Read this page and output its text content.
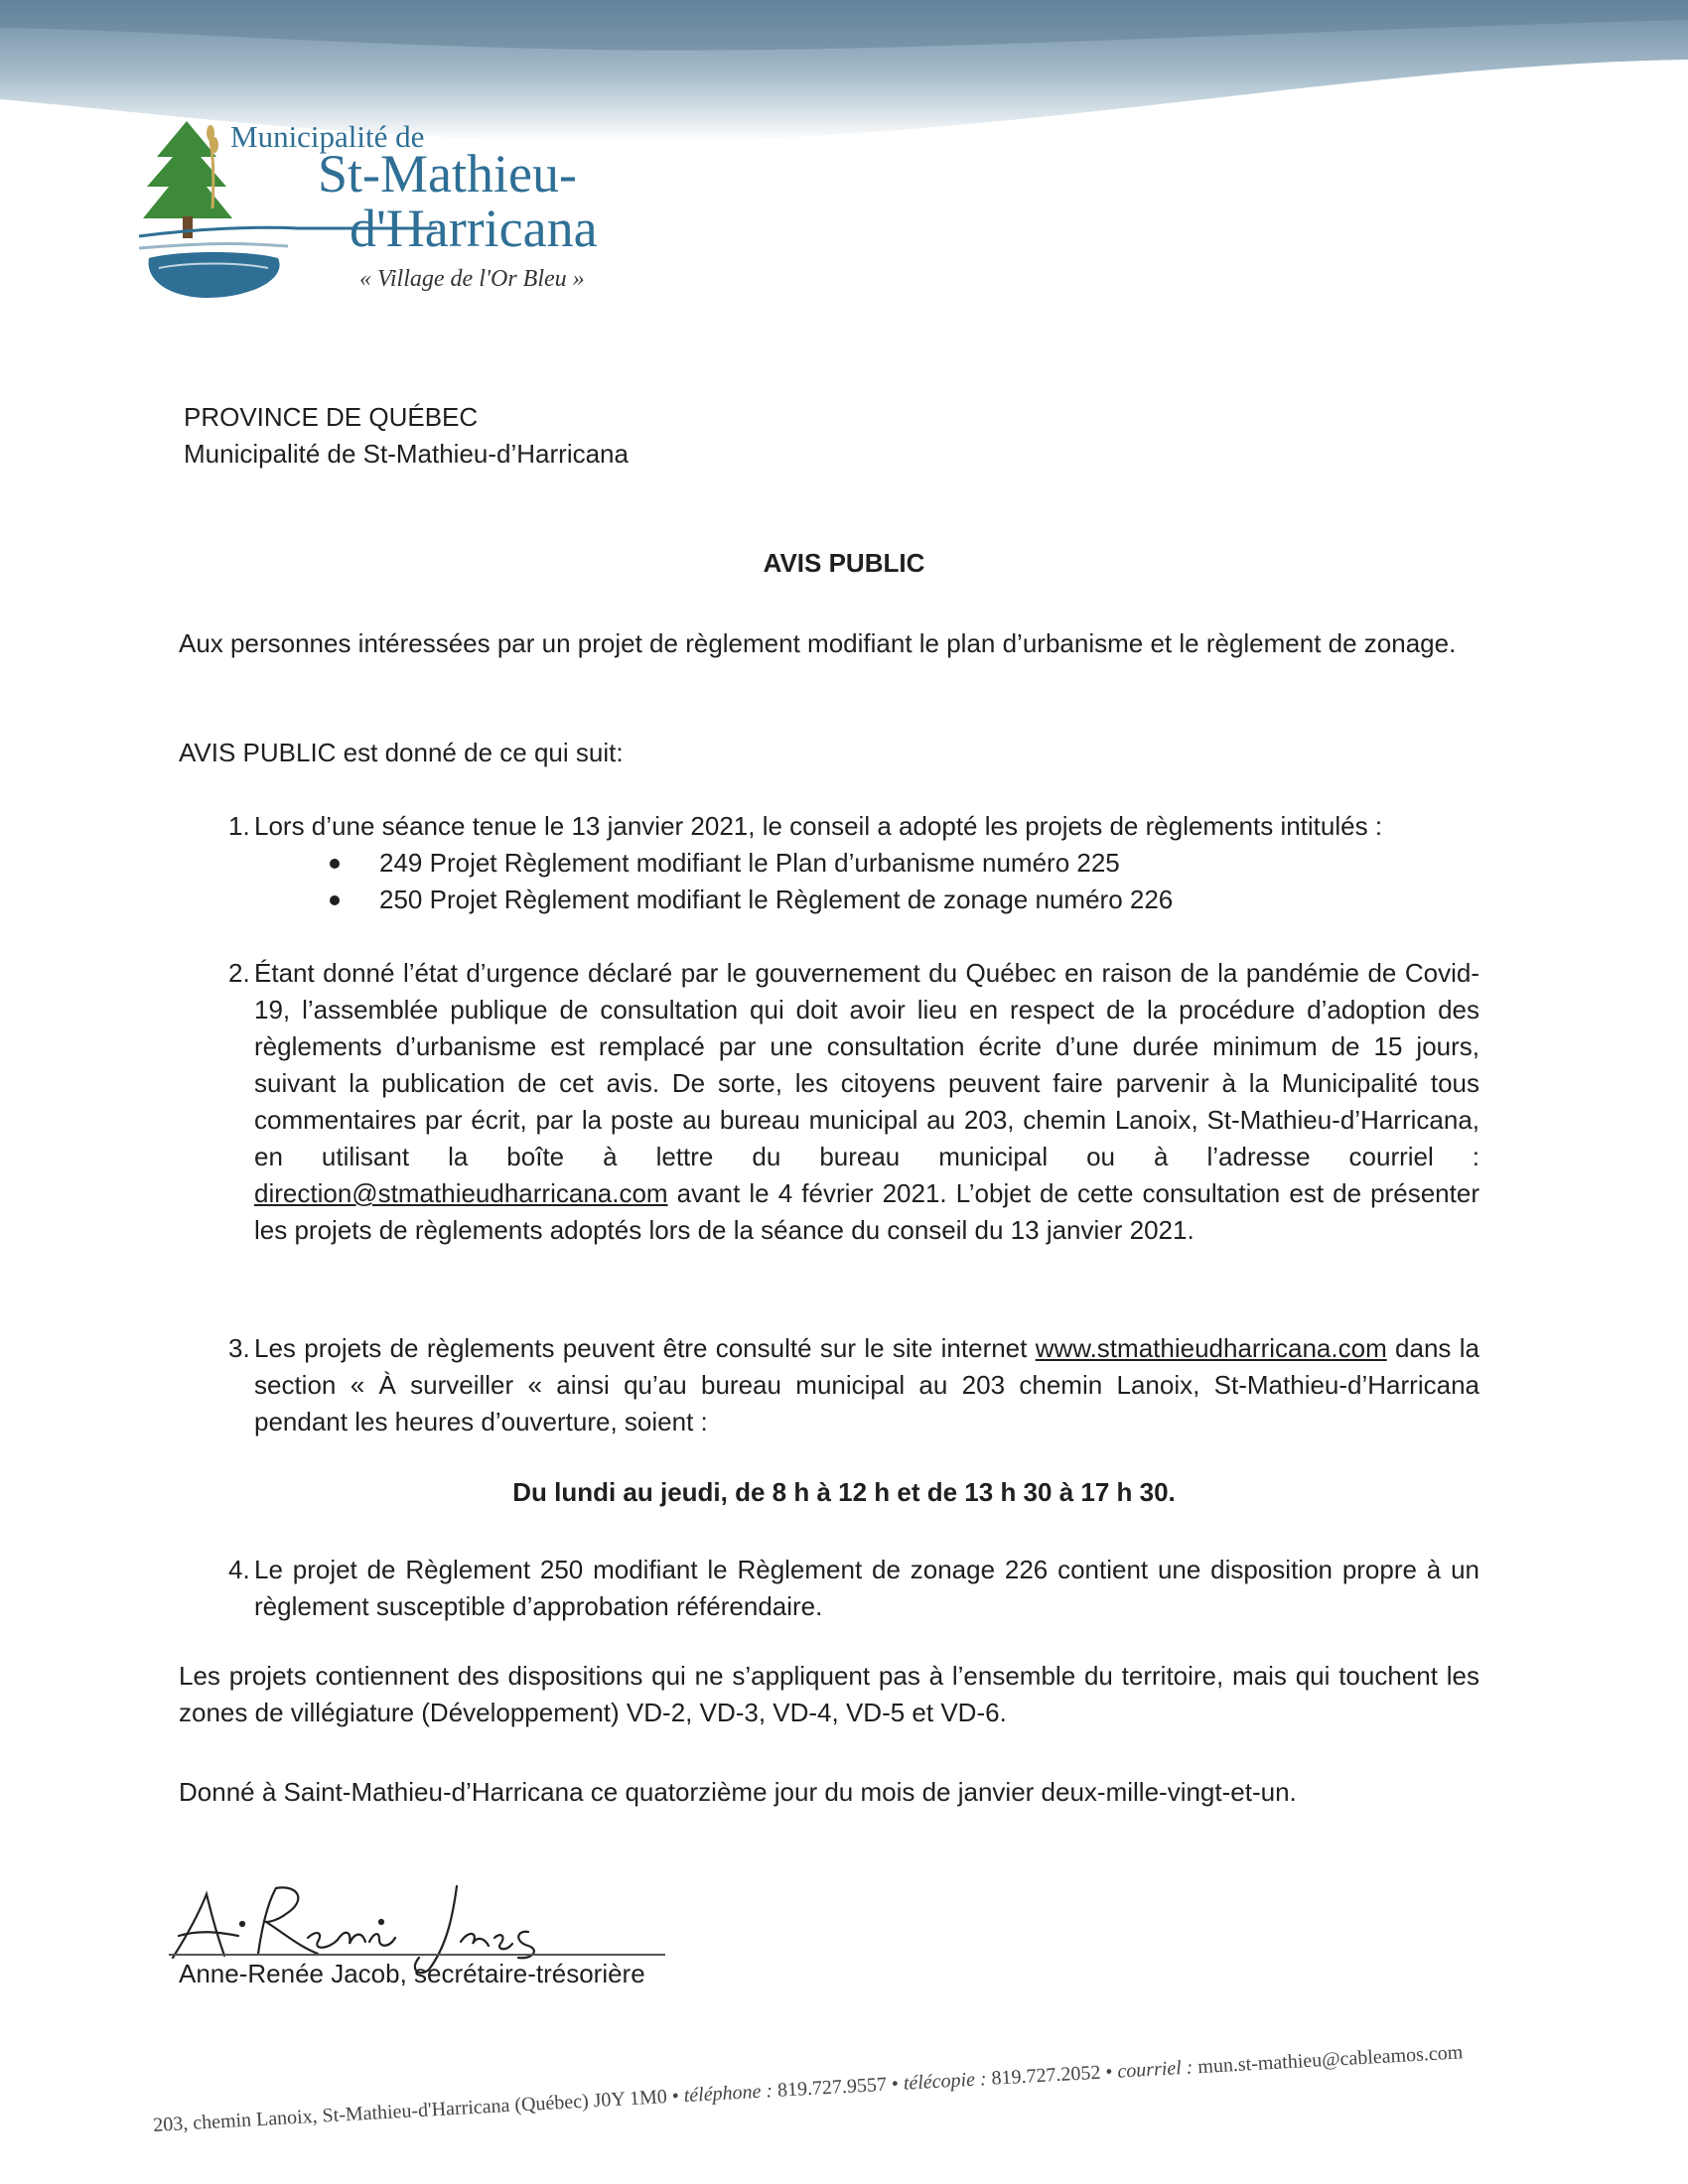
Municipalité de
St-Mathieu-
d'Harricana
« Village de l'Or Bleu »
PROVINCE DE QUÉBEC
Municipalité de St-Mathieu-d’Harricana
AVIS PUBLIC
Aux personnes intéressées par un projet de règlement modifiant le plan d’urbanisme et le règlement de zonage.
AVIS PUBLIC est donné de ce qui suit:
1. Lors d’une séance tenue le 13 janvier 2021, le conseil a adopté les projets de règlements intitulés :
249 Projet Règlement modifiant le Plan d’urbanisme numéro 225
250 Projet Règlement modifiant le Règlement de zonage numéro 226
2. Étant donné l’état d’urgence déclaré par le gouvernement du Québec en raison de la pandémie de Covid-19, l’assemblée publique de consultation qui doit avoir lieu en respect de la procédure d’adoption des règlements d’urbanisme est remplacé par une consultation écrite d’une durée minimum de 15 jours, suivant la publication de cet avis. De sorte, les citoyens peuvent faire parvenir à la Municipalité tous commentaires par écrit, par la poste au bureau municipal au 203, chemin Lanoix, St-Mathieu-d’Harricana, en utilisant la boîte à lettre du bureau municipal ou à l’adresse courriel : direction@stmathieudharricana.com avant le 4 février 2021. L’objet de cette consultation est de présenter les projets de règlements adoptés lors de la séance du conseil du 13 janvier 2021.
3. Les projets de règlements peuvent être consulté sur le site internet www.stmathieudharricana.com dans la section « À surveiller « ainsi qu’au bureau municipal au 203 chemin Lanoix, St-Mathieu-d’Harricana pendant les heures d’ouverture, soient :
Du lundi au jeudi, de 8 h à 12 h et de 13 h 30 à 17 h 30.
4. Le projet de Règlement 250 modifiant le Règlement de zonage 226 contient une disposition propre à un règlement susceptible d’approbation référendaire.
Les projets contiennent des dispositions qui ne s’appliquent pas à l’ensemble du territoire, mais qui touchent les zones de villégiature (Développement) VD-2, VD-3, VD-4, VD-5 et VD-6.
Donné à Saint-Mathieu-d’Harricana ce quatorzième jour du mois de janvier deux-mille-vingt-et-un.
Anne-Renée Jacob, secrétaire-trésorière
203, chemin Lanoix, St-Mathieu-d'Harricana (Québec) J0Y 1M0 • téléphone : 819.727.9557 • télécopie : 819.727.2052 • courriel : mun.st-mathieu@cableamos.com
